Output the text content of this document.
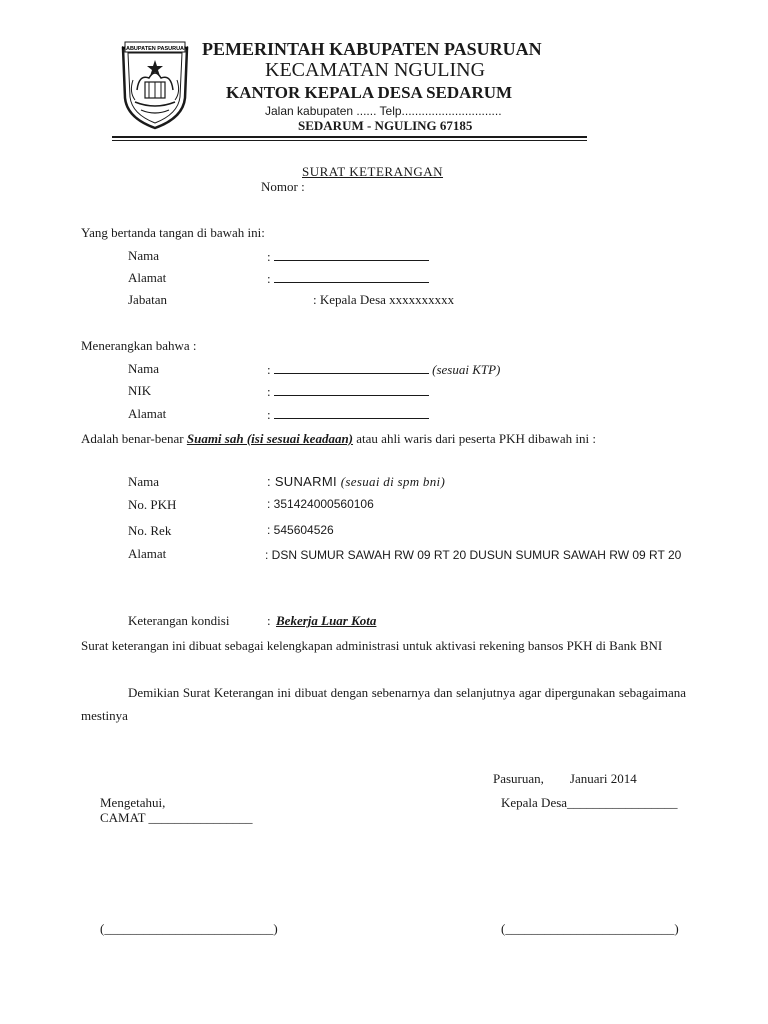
KABUPATEN PASURUAN PEMERINTAH KABUPATEN PASURUAN
KECAMATAN NGULING
KANTOR KEPALA DESA SEDARUM
Jalan kabupaten ...... Telp..............................
SEDARUM - NGULING 67185
SURAT KETERANGAN
Nomor :
Yang bertanda tangan di bawah ini:
Nama	:
Alamat	:
Jabatan	: Kepala Desa xxxxxxxxxx
Menerangkan bahwa :
Nama	:	(sesuai KTP)
NIK	:
Alamat	:
Adalah benar-benar Suami sah (isi sesuai keadaan) atau ahli waris dari peserta PKH dibawah ini :
Nama	: SUNARMI (sesuai di spm bni)
No. PKH	: 351424000560106
No. Rek	: 545604526
Alamat	: DSN SUMUR SAWAH RW 09 RT 20 DUSUN SUMUR SAWAH RW 09 RT 20
Keterangan kondisi	: Bekerja Luar Kota
Surat keterangan ini dibuat sebagai kelengkapan administrasi untuk aktivasi rekening bansos PKH di Bank BNI
Demikian Surat Keterangan ini dibuat dengan sebenarnya dan selanjutnya agar dipergunakan sebagaimana mestinya
Pasuruan,        Januari 2014
Mengetahui,	Kepala Desa_________________
CAMAT ________________
(__________________________)	(__________________________)
